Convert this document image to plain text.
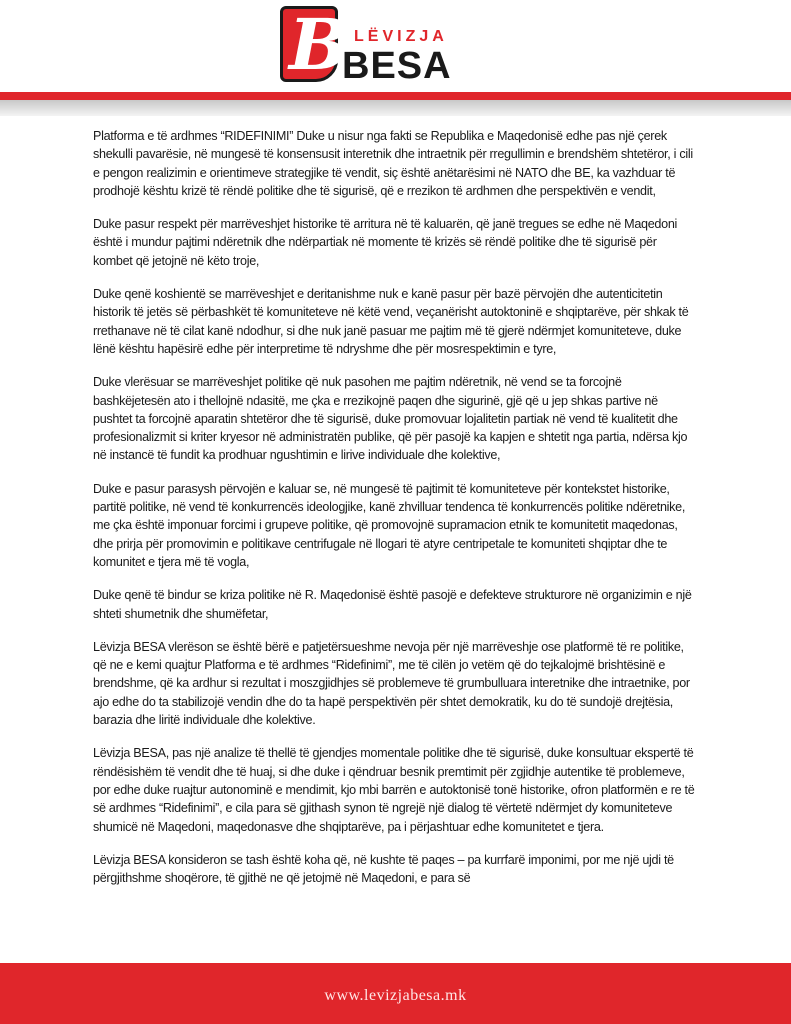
B LËVIZJA
BESA

Platforma e të ardhmes “RIDEFINIMI” Duke u nisur nga fakti se Republika e Maqedonisë edhe pas një çerek shekulli pavarësie, në mungesë të konsensusit interetnik dhe intraetnik për rregullimin e brendshëm shtetëror, i cili e pengon realizimin e orientimeve strategjike të vendit, siç është anëtarësimi në NATO dhe BE, ka vazhduar të prodhojë kështu krizë të rëndë politike dhe të sigurisë, që e rrezikon të ardhmen dhe perspektivën e vendit,

Duke pasur respekt për marrëveshjet historike të arritura në të kaluarën, që janë tregues se edhe në Maqedoni është i mundur pajtimi ndëretnik dhe ndërpartiak në momente të krizës së rëndë politike dhe të sigurisë për kombet që jetojnë në këto troje,

Duke qenë koshientë se marrëveshjet e deritanishme nuk e kanë pasur për bazë përvojën dhe autenticitetin historik të jetës së përbashkët të komuniteteve në këtë vend, veçanërisht autoktoninë e shqiptarëve, për shkak të rrethanave në të cilat kanë ndodhur, si dhe nuk janë pasuar me pajtim më të gjerë ndërmjet komuniteteve, duke lënë kështu hapësirë edhe për interpretime të ndryshme dhe për mosrespektimin e tyre,

Duke vlerësuar se marrëveshjet politike që nuk pasohen me pajtim ndëretnik, në vend se ta forcojnë bashkëjetesën ato i thellojnë ndasitë, me çka e rrezikojnë paqen dhe sigurinë, gjë që u jep shkas partive në pushtet ta forcojnë aparatin shtetëror dhe të sigurisë, duke promovuar lojalitetin partiak në vend të kualitetit dhe profesionalizmit si kriter kryesor në administratën publike, që për pasojë ka kapjen e shtetit nga partia, ndërsa kjo në instancë të fundit ka prodhuar ngushtimin e lirive individuale dhe kolektive,

Duke e pasur parasysh përvojën e kaluar se, në mungesë të pajtimit të komuniteteve për kontekstet historike, partitë politike, në vend të konkurrencës ideologjike, kanë zhvilluar tendenca të konkurrencës politike ndëretnike, me çka është imponuar forcimi i grupeve politike, që promovojnë supramacion etnik te komunitetit maqedonas, dhe prirja për promovimin e politikave centrifugale në llogari të atyre centripetale te komuniteti shqiptar dhe te komunitet e tjera më të vogla,

Duke qenë të bindur se kriza politike në R. Maqedonisë është pasojë e defekteve strukturore në organizimin e një shteti shumetnik dhe shumëfetar,

Lëvizja BESA vlerëson se është bërë e patjetërsueshme nevoja për një marrëveshje ose platformë të re politike, që ne e kemi quajtur Platforma e të ardhmes “Ridefinimi”, me të cilën jo vetëm që do tejkalojmë brishtësinë e brendshme, që ka ardhur si rezultat i moszgjidhjes së problemeve të grumbulluara interetnike dhe intraetnike, por ajo edhe do ta stabilizojë vendin dhe do ta hapë perspektivën për shtet demokratik, ku do të sundojë drejtësia, barazia dhe liritë individuale dhe kolektive.

Lëvizja BESA, pas një analize të thellë të gjendjes momentale politike dhe të sigurisë, duke konsultuar ekspertë të rëndësishëm të vendit dhe të huaj, si dhe duke i qëndruar besnik premtimit për zgjidhje autentike të problemeve, por edhe duke ruajtur autonominë e mendimit, kjo mbi barrën e autoktonisë tonë historike, ofron platformën e re të së ardhmes “Ridefinimi”, e cila para së gjithash synon të ngrejë një dialog të vërtetë ndërmjet dy komuniteteve shumicë në Maqedoni, maqedonasve dhe shqiptarëve, pa i përjashtuar edhe komunitetet e tjera.

Lëvizja BESA konsideron se tash është koha që, në kushte të paqes – pa kurrfarë imponimi, por me një ujdi të përgjithshme shoqërore, të gjithë ne që jetojmë në Maqedoni, e para së

www.levizjabesa.mk
